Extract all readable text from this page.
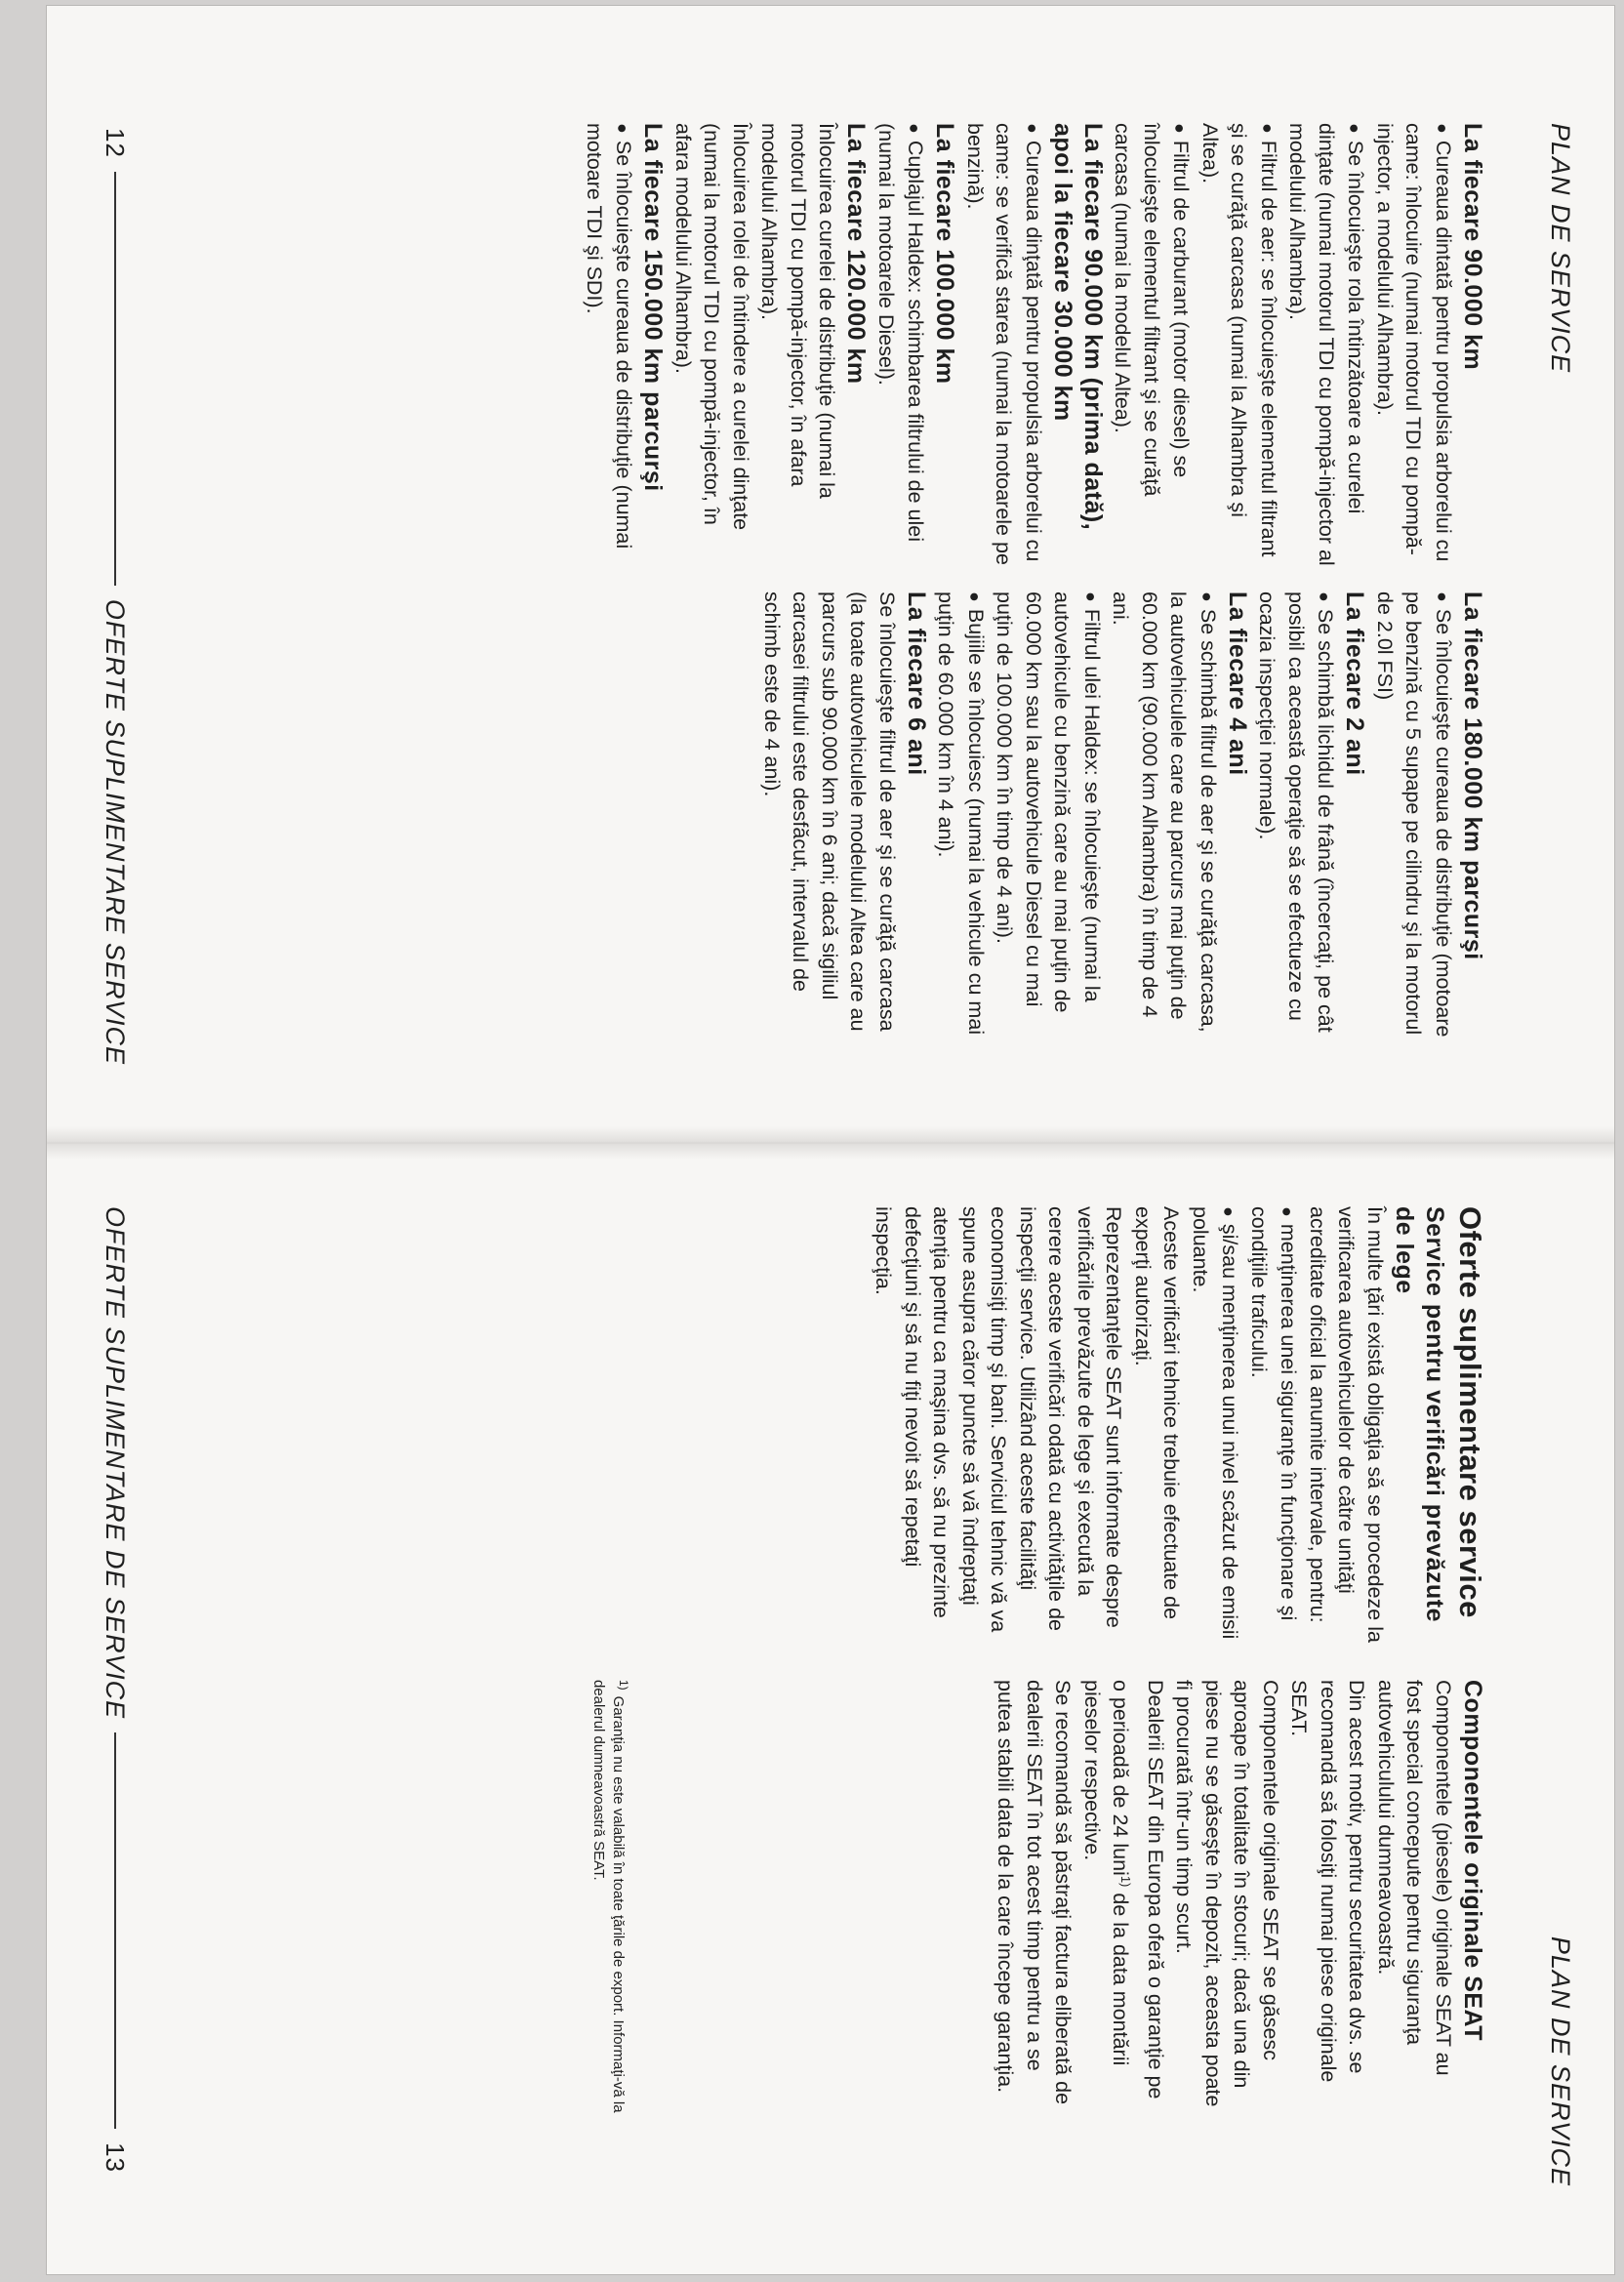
PLAN DE SERVICE
La fiecare 90.000 km

● Cureaua dintată pentru propulsia arborelui cu came: înlocuire (numai motorul TDI cu pompă-injector, a modelului Alhambra).

● Se înlocuieşte rola întinzătoare a curelei dinţate (numai motorul TDI cu pompă-injector al modelului Alhambra).

● Filtrul de aer: se înlocuieşte elementul filtrant şi se curăţă carcasa (numai la Alhambra şi Altea).

● Filtrul de carburant (motor diesel) se înlocuieşte elementul filtrant şi se curăţă carcasa (numai la modelul Altea).

La fiecare 90.000 km (prima dată), apoi la fiecare 30.000 km

● Cureaua dinţată pentru propulsia arborelui cu came: se verifică starea (numai la motoarele pe benzină).

La fiecare 100.000 km

● Cuplajul Haldex: schimbarea filtrului de ulei (numai la motoarele Diesel).

La fiecare 120.000 km

Înlocuirea curelei de distribuţie (numai la motorul TDI cu pompă-injector, în afara modelului Alhambra).

Înlocuirea rolei de întindere a curelei dinţate (numai la motorul TDI cu pompă-injector, în afara modelului Alhambra).

La fiecare 150.000 km parcurşi

● Se înlocuieşte cureaua de distribuţie (numai motoare TDI şi SDI).

La fiecare 180.000 km parcurşi

● Se înlocuieşte cureaua de distribuţie (motoare pe benzină cu 5 supape pe cilindru şi la motorul de 2.0l FSI)

La fiecare 2 ani

● Se schimbă lichidul de frână (încercaţi, pe cât posibil ca această operaţie să se efectueze cu ocazia inspecţiei normale).

La fiecare 4 ani

● Se schimbă filtrul de aer şi se curăţă carcasa, la autovehiculele care au parcurs mai puţin de 60.000 km (90.000 km Alhambra) în timp de 4 ani.

● Filtrul ulei Haldex: se înlocuieşte (numai la autovehicule cu benzină care au mai puţin de 60.000 km sau la autovehicule Diesel cu mai puţin de 100.000 km în timp de 4 ani).

● Bujiile se înlocuiesc (numai la vehicule cu mai puţin de 60.000 km în 4 ani).

La fiecare 6 ani

Se înlocuieşte filtrul de aer şi se curăţă carcasa (la toate autovehiculele modelului Altea care au parcurs sub 90.000 km în 6 ani; dacă sigiliul carcasei filtrului este desfăcut, intervalul de schimb este de 4 ani).

12
OFERTE SUPLIMENTARE SERVICE
PLAN DE SERVICE
Oferte suplimentare service
Service pentru verificări prevăzute de lege

În multe ţări există obligaţia să se procedeze la verificarea autovehiculelor de către unităţi acreditate oficial la anumite intervale, pentru:

● menţinerea unei siguranţe în funcţionare şi condiţiile traficului.

● şi/sau menţinerea unui nivel scăzut de emisii poluante.

Aceste verificări tehnice trebuie efectuate de experţi autorizaţi.

Reprezentanţele SEAT sunt informate despre verificările prevăzute de lege şi execută la cerere aceste verificări odată cu activităţile de inspecţii service. Utilizând aceste facilităţi economisiţi timp şi bani. Serviciul tehnic vă va spune asupra căror puncte să vă îndreptaţi atenţia pentru ca maşina dvs. să nu prezinte defecţiuni şi să nu fiţi nevoit să repetaţi inspecţia.

Componentele originale SEAT

Componentele (piesele) originale SEAT au fost special concepute pentru siguranţa autovehiculului dumneavoastră.

Din acest motiv, pentru securitatea dvs. se recomandă să folosiţi numai piese originale SEAT.

Componentele originale SEAT se găsesc aproape în totalitate în stocuri; dacă una din piese nu se găseşte în depozit, aceasta poate fi procurată într-un timp scurt.

Dealerii SEAT din Europa oferă o garanţie pe o perioadă de 24 luni$^{1)}$ de la data montării pieselor respective.

Se recomandă să păstraţi factura eliberată de dealerii SEAT în tot acest timp pentru a se putea stabili data de la care începe garanţia.

$^{1)}$Garanţia nu este valabilă în toate ţările de export. Informaţi-vă la dealerul dumneavoastră SEAT.
OFERTE SUPLIMENTARE DE SERVICE
13
